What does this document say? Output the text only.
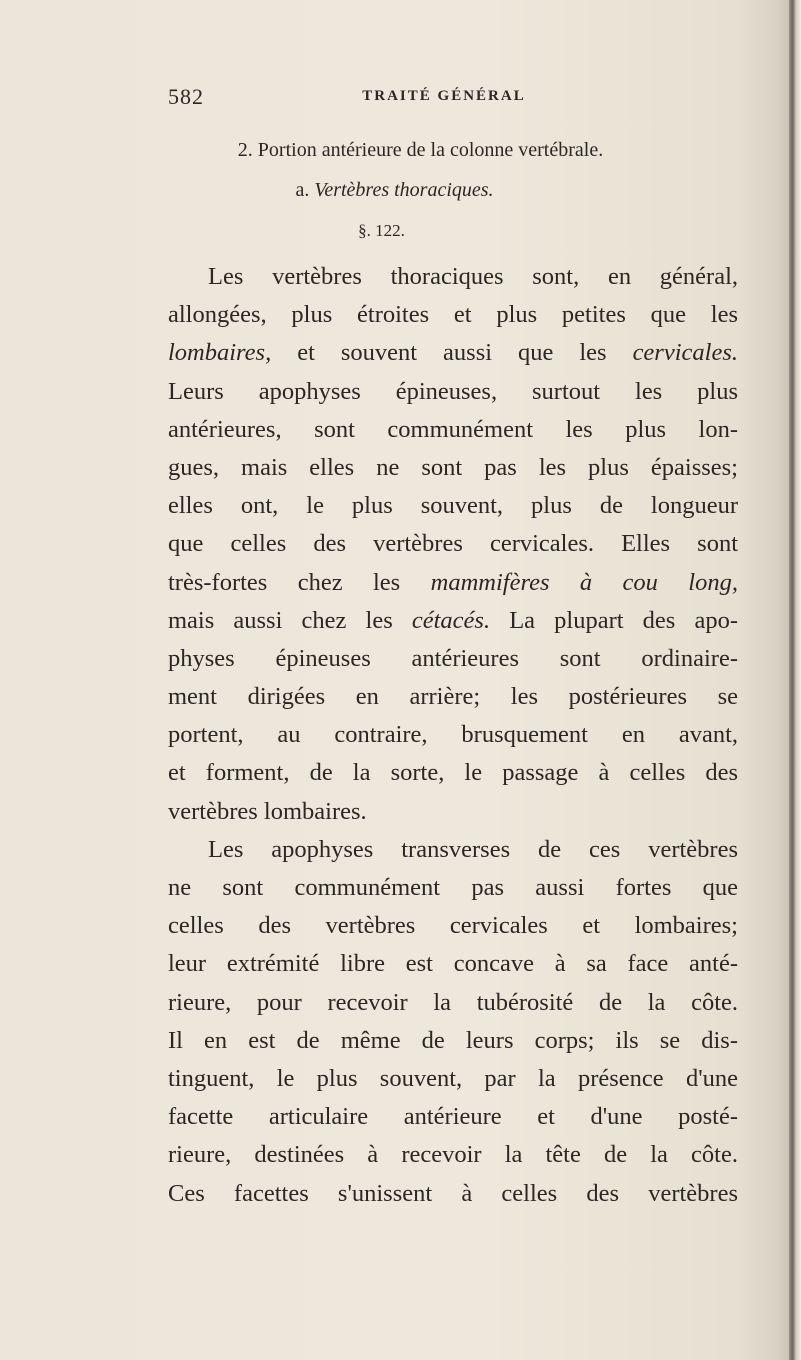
582	TRAITÉ GÉNÉRAL
2. Portion antérieure de la colonne vertébrale.
a. Vertèbres thoraciques.
§. 122.
Les vertèbres thoraciques sont, en général,
allongées, plus étroites et plus petites que les
lombaires, et souvent aussi que les cervicales.
Leurs apophyses épineuses, surtout les plus
antérieures, sont communément les plus lon-
gues, mais elles ne sont pas les plus épaisses;
elles ont, le plus souvent, plus de longueur
que celles des vertèbres cervicales. Elles sont
très-fortes chez les mammifères à cou long,
mais aussi chez les cétacés. La plupart des apo-
physes épineuses antérieures sont ordinaire-
ment dirigées en arrière; les postérieures se
portent, au contraire, brusquement en avant,
et forment, de la sorte, le passage à celles des
vertèbres lombaires.
Les apophyses transverses de ces vertèbres
ne sont communément pas aussi fortes que
celles des vertèbres cervicales et lombaires;
leur extrémité libre est concave à sa face anté-
rieure, pour recevoir la tubérosité de la côte.
Il en est de même de leurs corps; ils se dis-
tinguent, le plus souvent, par la présence d'une
facette articulaire antérieure et d'une posté-
rieure, destinées à recevoir la tête de la côte.
Ces facettes s'unissent à celles des vertèbres
